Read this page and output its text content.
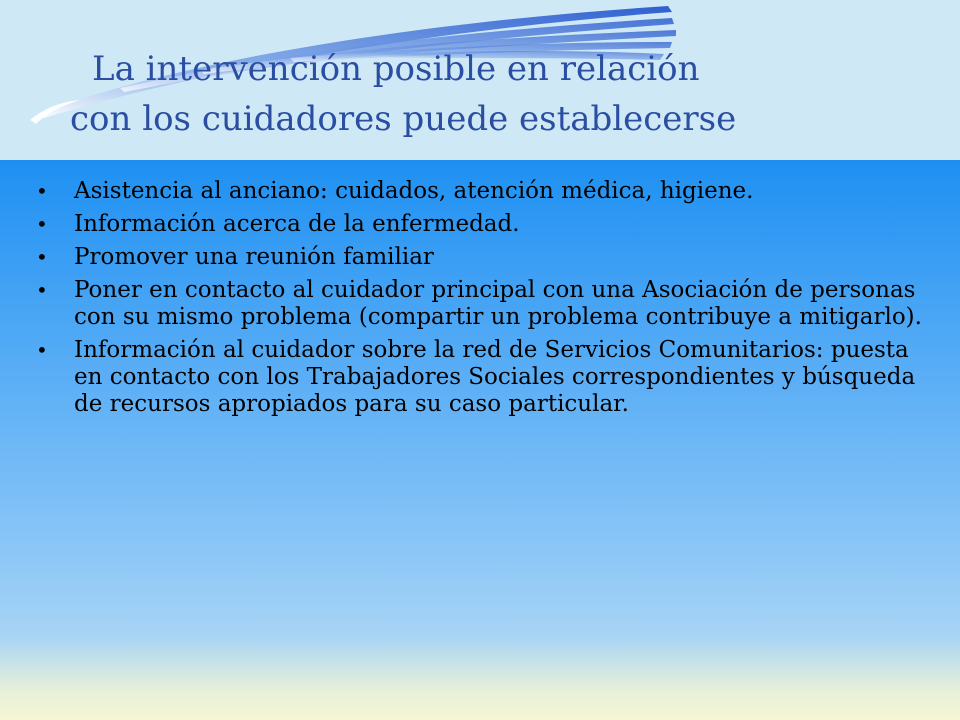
La intervención posible en relación
con los cuidadores puede establecerse
• Asistencia al anciano: cuidados, atención médica, higiene.
• Información acerca de la enfermedad.
• Promover una reunión familiar
• Poner en contacto al cuidador principal con una Asociación de personas con su mismo problema (compartir un problema contribuye a mitigarlo).
• Información al cuidador sobre la red de Servicios Comunitarios: puesta en contacto con los Trabajadores Sociales correspondientes y búsqueda de recursos apropiados para su caso particular.
